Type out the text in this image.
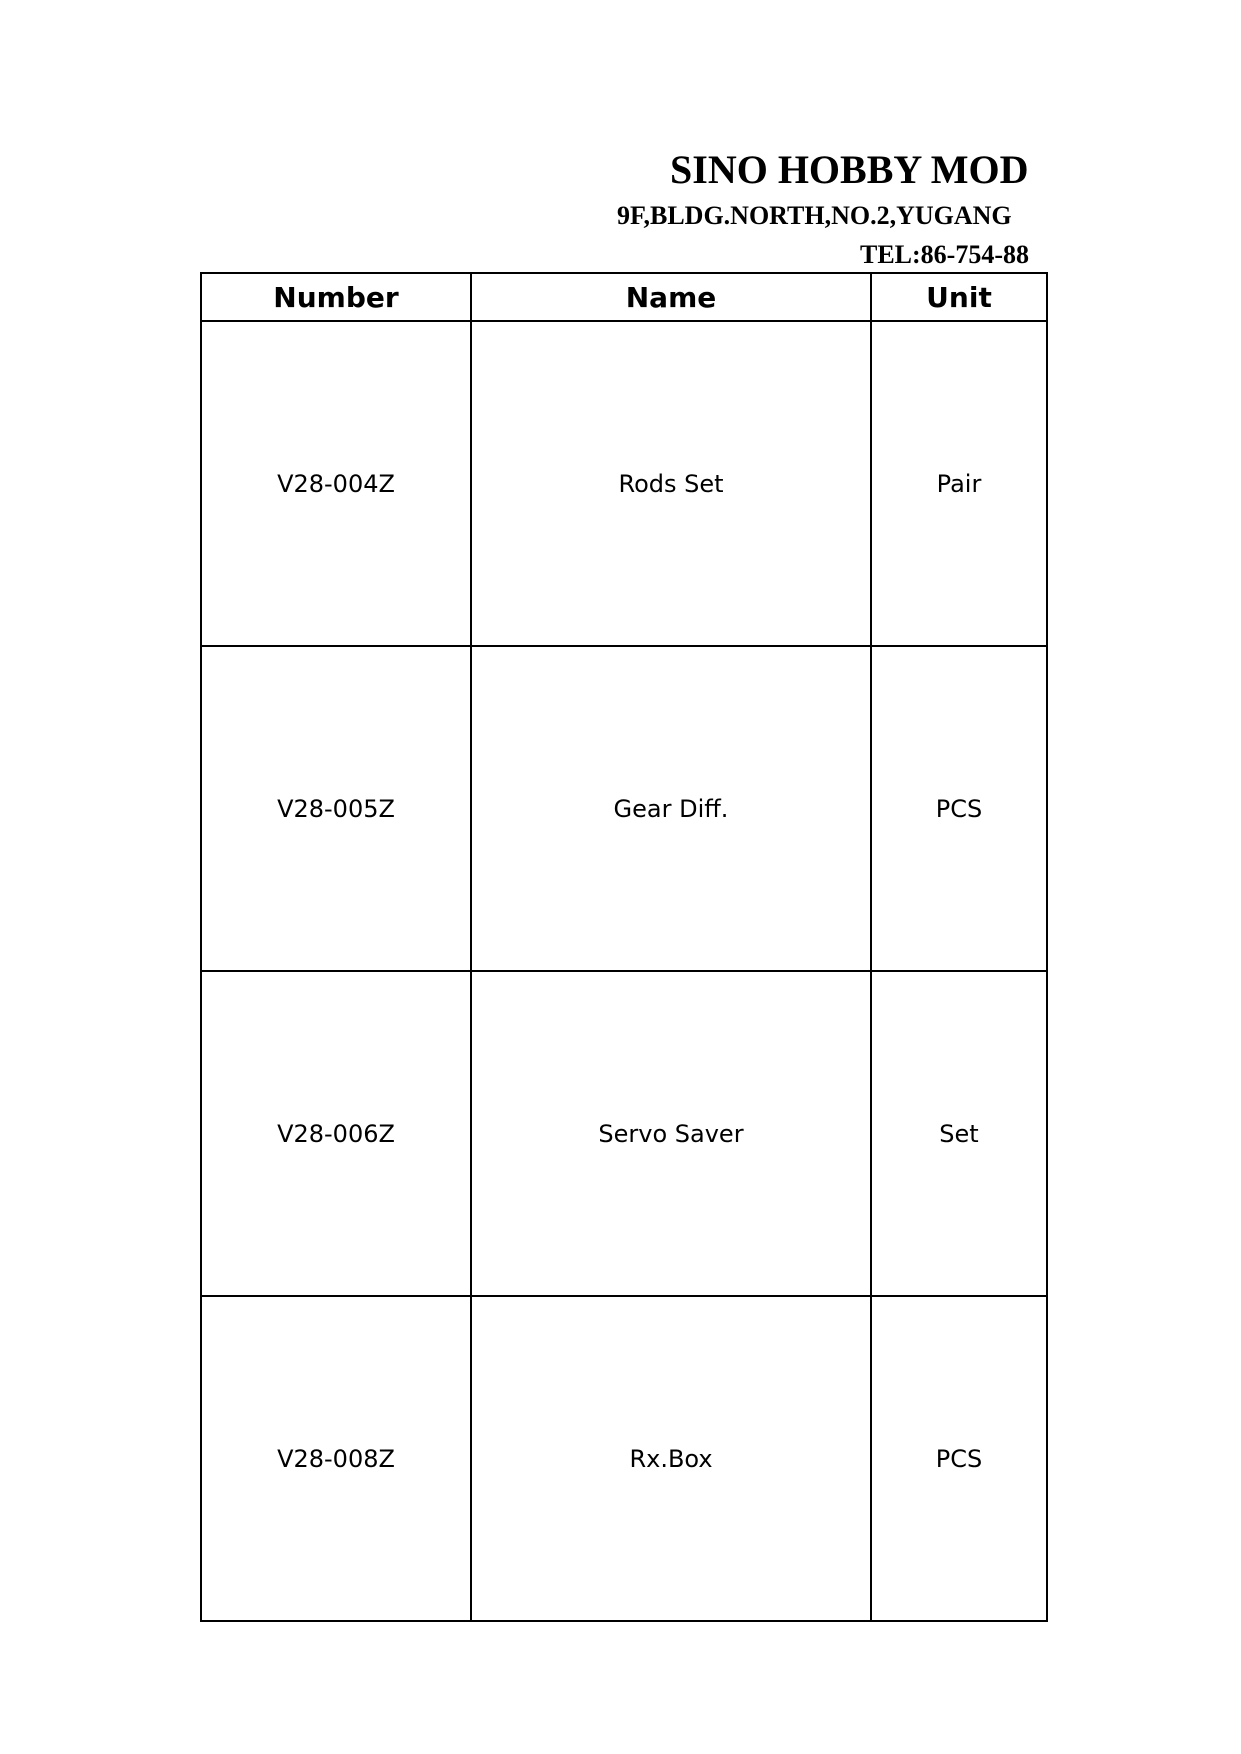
SINO HOBBY MOD
9F,BLDG.NORTH,NO.2,YUGANG
TEL:86-754-88
Number	Name	Unit
V28-004Z	Rods Set	Pair
V28-005Z	Gear Diff.	PCS
V28-006Z	Servo Saver	Set
V28-008Z	Rx.Box	PCS
